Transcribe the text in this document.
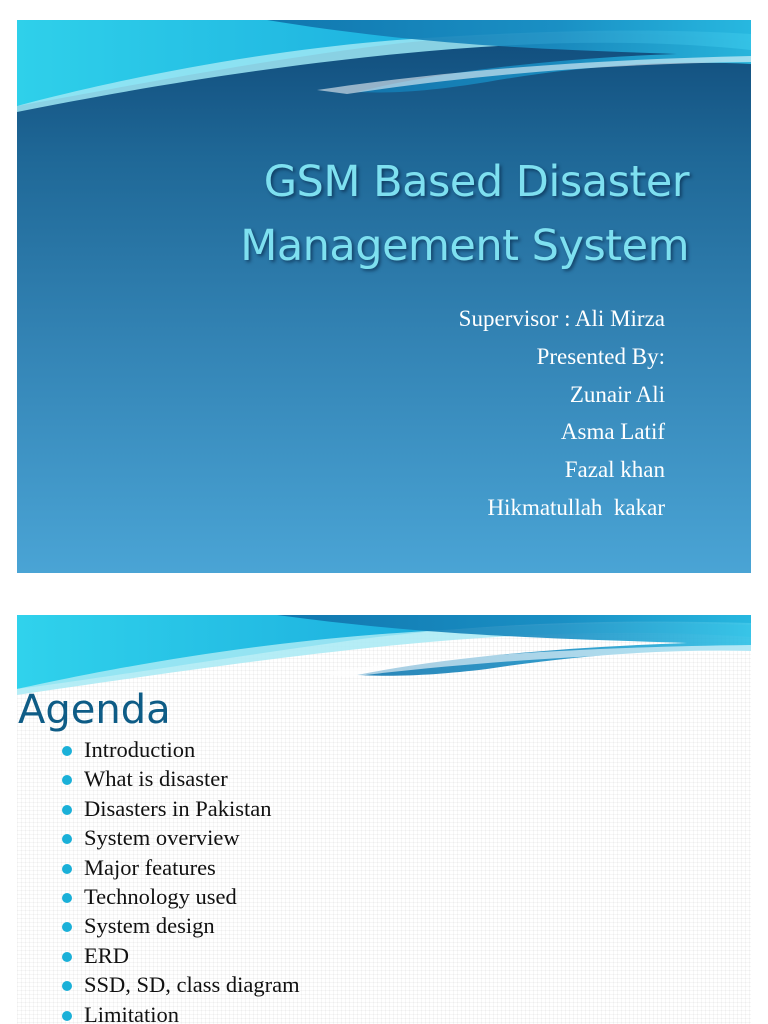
GSM Based Disaster
Management System
Supervisor : Ali Mirza
Presented By:
Zunair Ali
Asma Latif
Fazal khan
Hikmatullah  kakar
Agenda
Introduction
What is disaster
Disasters in Pakistan
System overview
Major features
Technology used
System design
ERD
SSD, SD, class diagram
Limitation
